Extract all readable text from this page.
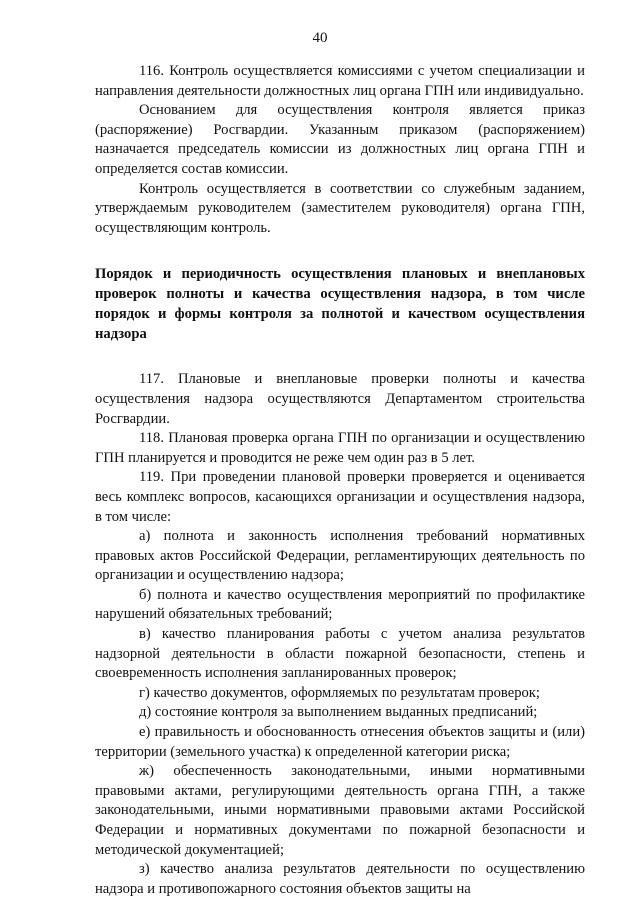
40

116. Контроль осуществляется комиссиями с учетом специализации и направления деятельности должностных лиц органа ГПН или индивидуально.

Основанием для осуществления контроля является приказ (распоряжение) Росгвардии. Указанным приказом (распоряжением) назначается председатель комиссии из должностных лиц органа ГПН и определяется состав комиссии.

Контроль осуществляется в соответствии со служебным заданием, утверждаемым руководителем (заместителем руководителя) органа ГПН, осуществляющим контроль.

Порядок и периодичность осуществления плановых и внеплановых проверок полноты и качества осуществления надзора, в том числе порядок и формы контроля за полнотой и качеством осуществления надзора

117. Плановые и внеплановые проверки полноты и качества осуществления надзора осуществляются Департаментом строительства Росгвардии.

118. Плановая проверка органа ГПН по организации и осуществлению ГПН планируется и проводится не реже чем один раз в 5 лет.

119. При проведении плановой проверки проверяется и оценивается весь комплекс вопросов, касающихся организации и осуществления надзора, в том числе:

а) полнота и законность исполнения требований нормативных правовых актов Российской Федерации, регламентирующих деятельность по организации и осуществлению надзора;

б) полнота и качество осуществления мероприятий по профилактике нарушений обязательных требований;

в) качество планирования работы с учетом анализа результатов надзорной деятельности в области пожарной безопасности, степень и своевременность исполнения запланированных проверок;

г) качество документов, оформляемых по результатам проверок;

д) состояние контроля за выполнением выданных предписаний;

е) правильность и обоснованность отнесения объектов защиты и (или) территории (земельного участка) к определенной категории риска;

ж) обеспеченность законодательными, иными нормативными правовыми актами, регулирующими деятельность органа ГПН, а также законодательными, иными нормативными правовыми актами Российской Федерации и нормативных документами по пожарной безопасности и методической документацией;

з) качество анализа результатов деятельности по осуществлению надзора и противопожарного состояния объектов защиты на
